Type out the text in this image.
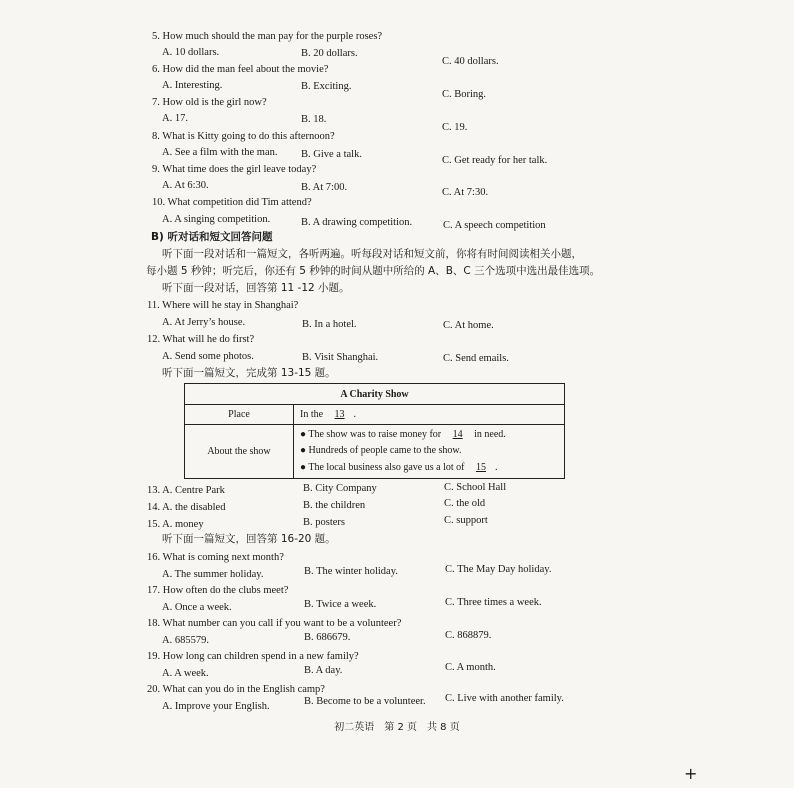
5. How much should the man pay for the purple roses?
A. 10 dollars.	B. 20 dollars.
C. 40 dollars.
6. How did the man feel about the movie?
A. Interesting.	B. Exciting.
C. Boring.
7. How old is the girl now?
A. 17.	B. 18.
C. 19.
8. What is Kitty going to do this afternoon?
A. See a film with the man. B. Give a talk.
C. Get ready for her talk.
9. What time does the girl leave today?
A. At 6:30.	B. At 7:00.	C. At 7:30.
10. What competition did Tim attend?
A. A singing competition.	B. A drawing competition.	C. A speech competition
B) 听对话和短文回答问题
听下面一段对话和一篇短文，各听两遍。听每段对话和短文前，你将有时间阅读相关小题，
每小题 5 秒钟；听完后，你还有 5 秒钟的时间从题中所给的 A、B、C 三个选项中选出最佳选项。
听下面一段对话，回答第 11 -12 小题。
11. Where will he stay in Shanghai?
A. At Jerry’s house.	B. In a hotel.	C. At home.
12. What will he do first?
A. Send some photos.	B. Visit Shanghai.	C. Send emails.
听下面一篇短文，完成第 13-15 题。
A Charity Show	
Place	In the 13 .
About the show	● The show was to raise money for 14 in need.
● Hundreds of people came to the show.
● The local business also gave us a lot of 15 .
13. A. Centre Park	B. City Company	C. School Hall
14. A. the disabled	B. the children	C. the old
15. A. money	B. posters	C. support
听下面一篇短文，回答第 16-20 题。
16. What is coming next month?
A. The summer holiday.	B. The winter holiday.	C. The May Day holiday.
17. How often do the clubs meet?
A. Once a week.	B. Twice a week.	C. Three times a week.
18. What number can you call if you want to be a volunteer?
A. 685579.	B. 686679.	C. 868879.
19. How long can children spend in a new family?
A. A week.	B. A day.	C. A month.
20. What can you do in the English camp?
A. Improve your English.	B. Become to be a volunteer. C. Live with another family.
初二英语　第 2 页　共 8 页
+
